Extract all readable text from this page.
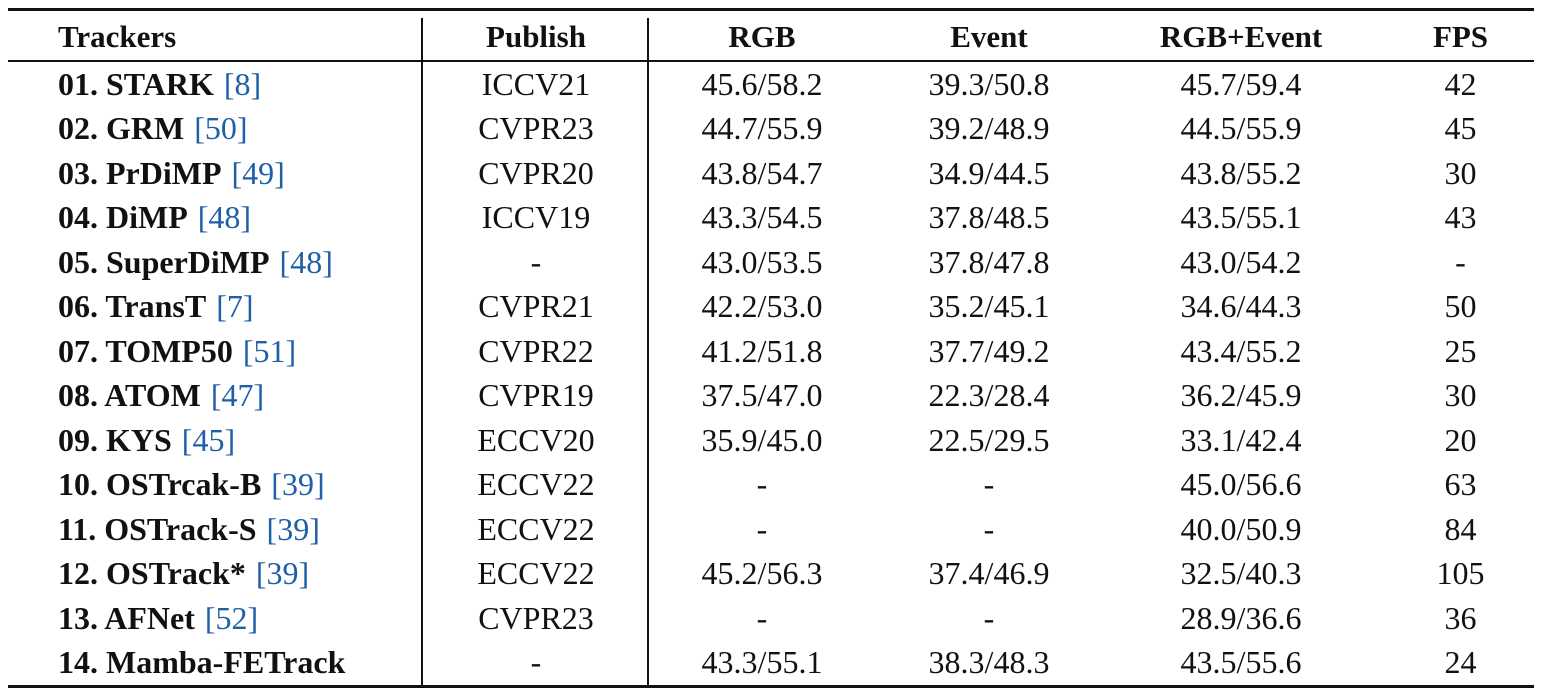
Trackers	Publish	RGB	Event	RGB+Event	FPS
01. STARK [8]	ICCV21	45.6/58.2	39.3/50.8	45.7/59.4	42
02. GRM [50]	CVPR23	44.7/55.9	39.2/48.9	44.5/55.9	45
03. PrDiMP [49]	CVPR20	43.8/54.7	34.9/44.5	43.8/55.2	30
04. DiMP [48]	ICCV19	43.3/54.5	37.8/48.5	43.5/55.1	43
05. SuperDiMP [48]	-	43.0/53.5	37.8/47.8	43.0/54.2	-
06. TransT [7]	CVPR21	42.2/53.0	35.2/45.1	34.6/44.3	50
07. TOMP50 [51]	CVPR22	41.2/51.8	37.7/49.2	43.4/55.2	25
08. ATOM [47]	CVPR19	37.5/47.0	22.3/28.4	36.2/45.9	30
09. KYS [45]	ECCV20	35.9/45.0	22.5/29.5	33.1/42.4	20
10. OSTrcak-B [39]	ECCV22	-	-	45.0/56.6	63
11. OSTrack-S [39]	ECCV22	-	-	40.0/50.9	84
12. OSTrack* [39]	ECCV22	45.2/56.3	37.4/46.9	32.5/40.3	105
13. AFNet [52]	CVPR23	-	-	28.9/36.6	36
14. Mamba-FETrack	-	43.3/55.1	38.3/48.3	43.5/55.6	24
